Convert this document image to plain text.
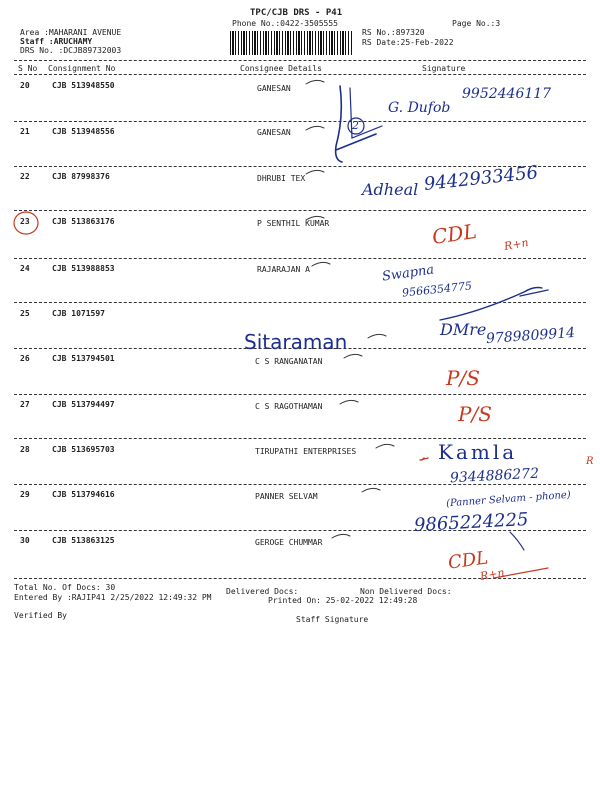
TPC/CJB DRS - P41
Phone No.:0422-3505555	Page No.:3
Area :MAHARANI AVENUE
Staff :ARUCHAMY
DRS No. :DCJB89732003
RS No.:897320
RS Date:25-Feb-2022
S No Consignment No	Consignee Details	Signature
20	CJB 513948550	GANESAN
21	CJB 513948556	GANESAN
22	CJB 87998376	DHRUBI TEX
23	CJB 513863176	P SENTHIL KUMAR
24	CJB 513988853	RAJARAJAN A
25	CJB 1071597
26	CJB 513794501	C S RANGANATAN
27	CJB 513794497	C S RAGOTHAMAN
28	CJB 513695703	TIRUPATHI ENTERPRISES
29	CJB 513794616	PANNER SELVAM
30	CJB 513863125	GEROGE CHUMMAR
Total No. Of Docs: 30	Delivered Docs:	Non Delivered Docs:
Entered By :RAJIP41 2/25/2022 12:49:32 PM	Printed On: 25-02-2022 12:49:28
Verified By	Staff Signature
9952446117
2
G. Dufob
Adheal 9442933456
CDL R+n
Swapna
9566354775
Sitaraman
DMre 9789809914
P/S
P/S
Kamla
9344886272
R
(Panner Selvam - phone)
9865224225
CDL
R+n
